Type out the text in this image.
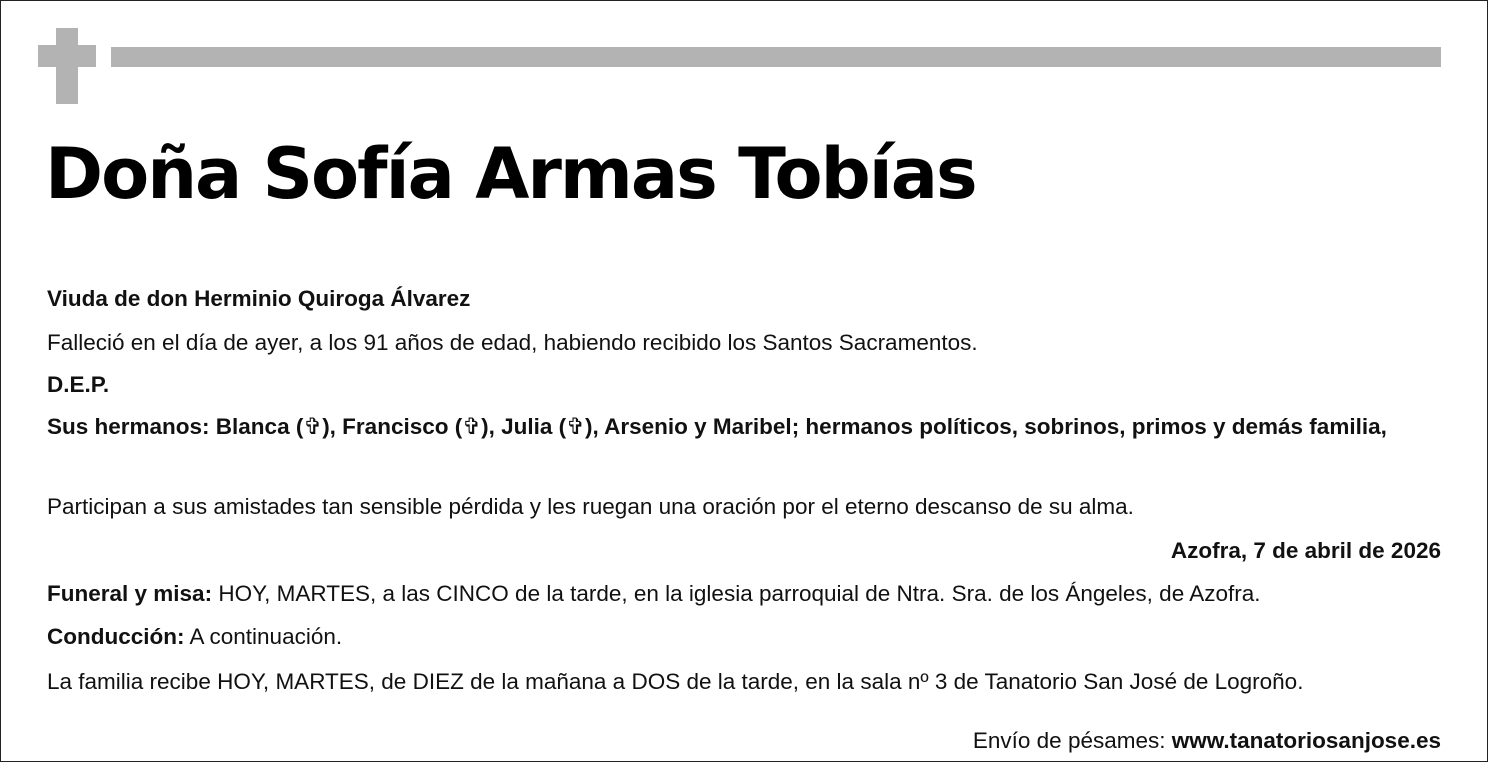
Doña Sofía Armas Tobías
Viuda de don Herminio Quiroga Álvarez
Falleció en el día de ayer, a los 91 años de edad, habiendo recibido los Santos Sacramentos.
D.E.P.
Sus hermanos: Blanca (✞), Francisco (✞), Julia (✞), Arsenio y Maribel; hermanos políticos, sobrinos, primos y demás familia,
Participan a sus amistades tan sensible pérdida y les ruegan una oración por el eterno descanso de su alma.
Azofra, 7 de abril de 2026
Funeral y misa: HOY, MARTES, a las CINCO de la tarde, en la iglesia parroquial de Ntra. Sra. de los Ángeles, de Azofra.
Conducción: A continuación.
La familia recibe HOY, MARTES, de DIEZ de la mañana a DOS de la tarde, en la sala nº 3 de Tanatorio San José de Logroño.
Envío de pésames: www.tanatoriosanjose.es
